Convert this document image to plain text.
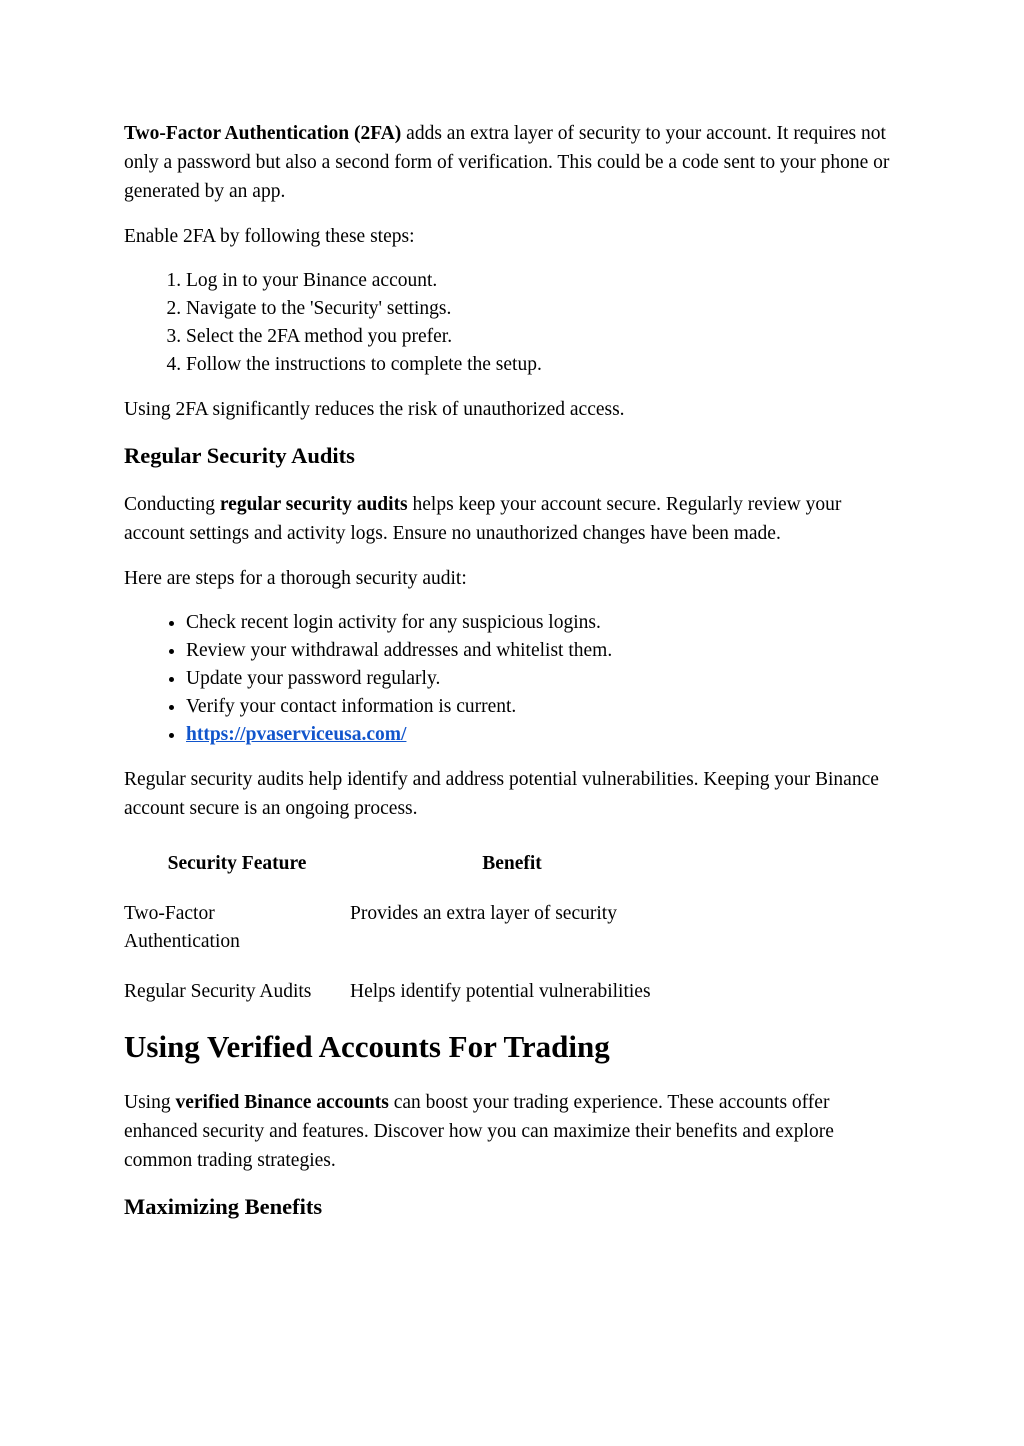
Two-Factor Authentication (2FA) adds an extra layer of security to your account. It requires not only a password but also a second form of verification. This could be a code sent to your phone or generated by an app.

Enable 2FA by following these steps:

1. Log in to your Binance account.
2. Navigate to the 'Security' settings.
3. Select the 2FA method you prefer.
4. Follow the instructions to complete the setup.

Using 2FA significantly reduces the risk of unauthorized access.

Regular Security Audits

Conducting regular security audits helps keep your account secure. Regularly review your account settings and activity logs. Ensure no unauthorized changes have been made.

Here are steps for a thorough security audit:

• Check recent login activity for any suspicious logins.
• Review your withdrawal addresses and whitelist them.
• Update your password regularly.
• Verify your contact information is current.
• https://pvaserviceusa.com/

Regular security audits help identify and address potential vulnerabilities. Keeping your Binance account secure is an ongoing process.

Security Feature	Benefit
Two-Factor Authentication	Provides an extra layer of security
Regular Security Audits	Helps identify potential vulnerabilities
Using Verified Accounts For Trading

Using verified Binance accounts can boost your trading experience. These accounts offer enhanced security and features. Discover how you can maximize their benefits and explore common trading strategies.

Maximizing Benefits
